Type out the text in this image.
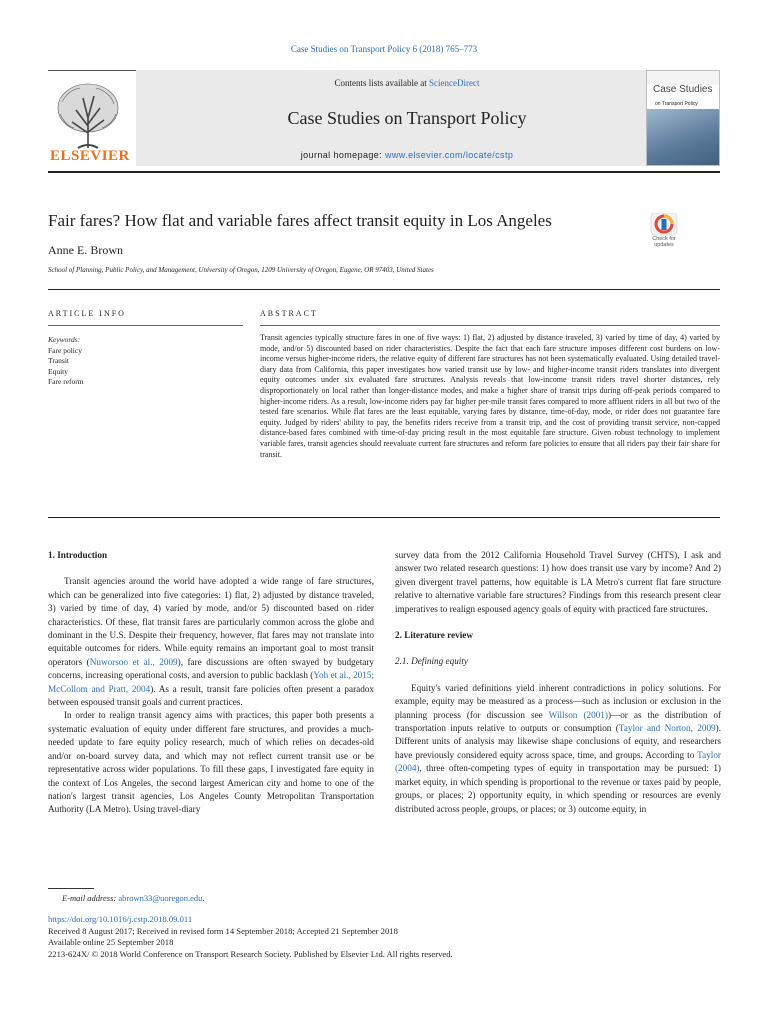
Case Studies on Transport Policy 6 (2018) 765–773
ELSEVIER
Contents lists available at ScienceDirect
Case Studies on Transport Policy
journal homepage: www.elsevier.com/locate/cstp
Case Studies
on Transport Policy
Fair fares? How flat and variable fares affect transit equity in Los Angeles
Check for updates
Anne E. Brown
School of Planning, Public Policy, and Management, University of Oregon, 1209 University of Oregon, Eugene, OR 97403, United States
ARTICLE INFO
Keywords:
Fare policy
Transit
Equity
Fare reform
ABSTRACT
Transit agencies typically structure fares in one of five ways: 1) flat, 2) adjusted by distance traveled, 3) varied by time of day, 4) varied by mode, and/or 5) discounted based on rider characteristics. Despite the fact that each fare structure imposes different cost burdens on low-income versus higher-income riders, the relative equity of different fare structures has not been systematically evaluated. Using detailed travel-diary data from California, this paper investigates how varied transit use by low- and higher-income transit riders translates into divergent equity outcomes under six evaluated fare structures. Analysis reveals that low-income transit riders travel shorter distances, rely disproportionately on local rather than longer-distance modes, and make a higher share of transit trips during off-peak periods compared to higher-income riders. As a result, low-income riders pay far higher per-mile transit fares compared to more affluent riders in all but two of the tested fare scenarios. While flat fares are the least equitable, varying fares by distance, time-of-day, mode, or rider does not guarantee fare equity. Judged by riders' ability to pay, the benefits riders receive from a transit trip, and the cost of providing transit service, non-capped distance-based fares combined with time-of-day pricing result in the most equitable fare structure. Given robust technology to implement variable fares, transit agencies should reevaluate current fare structures and reform fare policies to ensure that all riders pay their fair share for transit.
1. Introduction

Transit agencies around the world have adopted a wide range of fare structures, which can be generalized into five categories: 1) flat, 2) adjusted by distance traveled, 3) varied by time of day, 4) varied by mode, and/or 5) discounted based on rider characteristics. Of these, flat transit fares are particularly common across the globe and dominant in the U.S. Despite their frequency, however, flat fares may not translate into equitable outcomes for riders. While equity remains an important goal to most transit operators (Nuworsoo et al., 2009), fare discussions are often swayed by budgetary concerns, increasing operational costs, and aversion to public backlash (Yoh et al., 2015; McCollom and Pratt, 2004). As a result, transit fare policies often present a paradox between espoused transit goals and current practices.

In order to realign transit agency aims with practices, this paper both presents a systematic evaluation of equity under different fare structures, and provides a much-needed update to fare equity policy research, much of which relies on decades-old and/or on-board survey data, and which may not reflect current transit use or be representative across wider populations. To fill these gaps, I investigated fare equity in the context of Los Angeles, the second largest American city and home to one of the nation's largest transit agencies, Los Angeles County Metropolitan Transportation Authority (LA Metro). Using travel-diary

survey data from the 2012 California Household Travel Survey (CHTS), I ask and answer two related research questions: 1) how does transit use vary by income? And 2) given divergent travel patterns, how equitable is LA Metro's current flat fare structure relative to alternative variable fare structures? Findings from this research present clear imperatives to realign espoused agency goals of equity with practiced fare structures.

2. Literature review
2.1. Defining equity

Equity's varied definitions yield inherent contradictions in policy solutions. For example, equity may be measured as a process—such as inclusion or exclusion in the planning process (for discussion see Willson (2001))—or as the distribution of transportation inputs relative to outputs or consumption (Taylor and Norton, 2009). Different units of analysis may likewise shape conclusions of equity, and researchers have previously considered equity across space, time, and groups. According to Taylor (2004), three often-competing types of equity in transportation may be pursued: 1) market equity, in which spending is proportional to the revenue or taxes paid by people, groups, or places; 2) opportunity equity, in which spending or resources are evenly distributed across people, groups, or places; or 3) outcome equity, in

E-mail address: abrown33@uoregon.edu.
https://doi.org/10.1016/j.cstp.2018.09.011
Received 8 August 2017; Received in revised form 14 September 2018; Accepted 21 September 2018
Available online 25 September 2018
2213-624X/ © 2018 World Conference on Transport Research Society. Published by Elsevier Ltd. All rights reserved.
